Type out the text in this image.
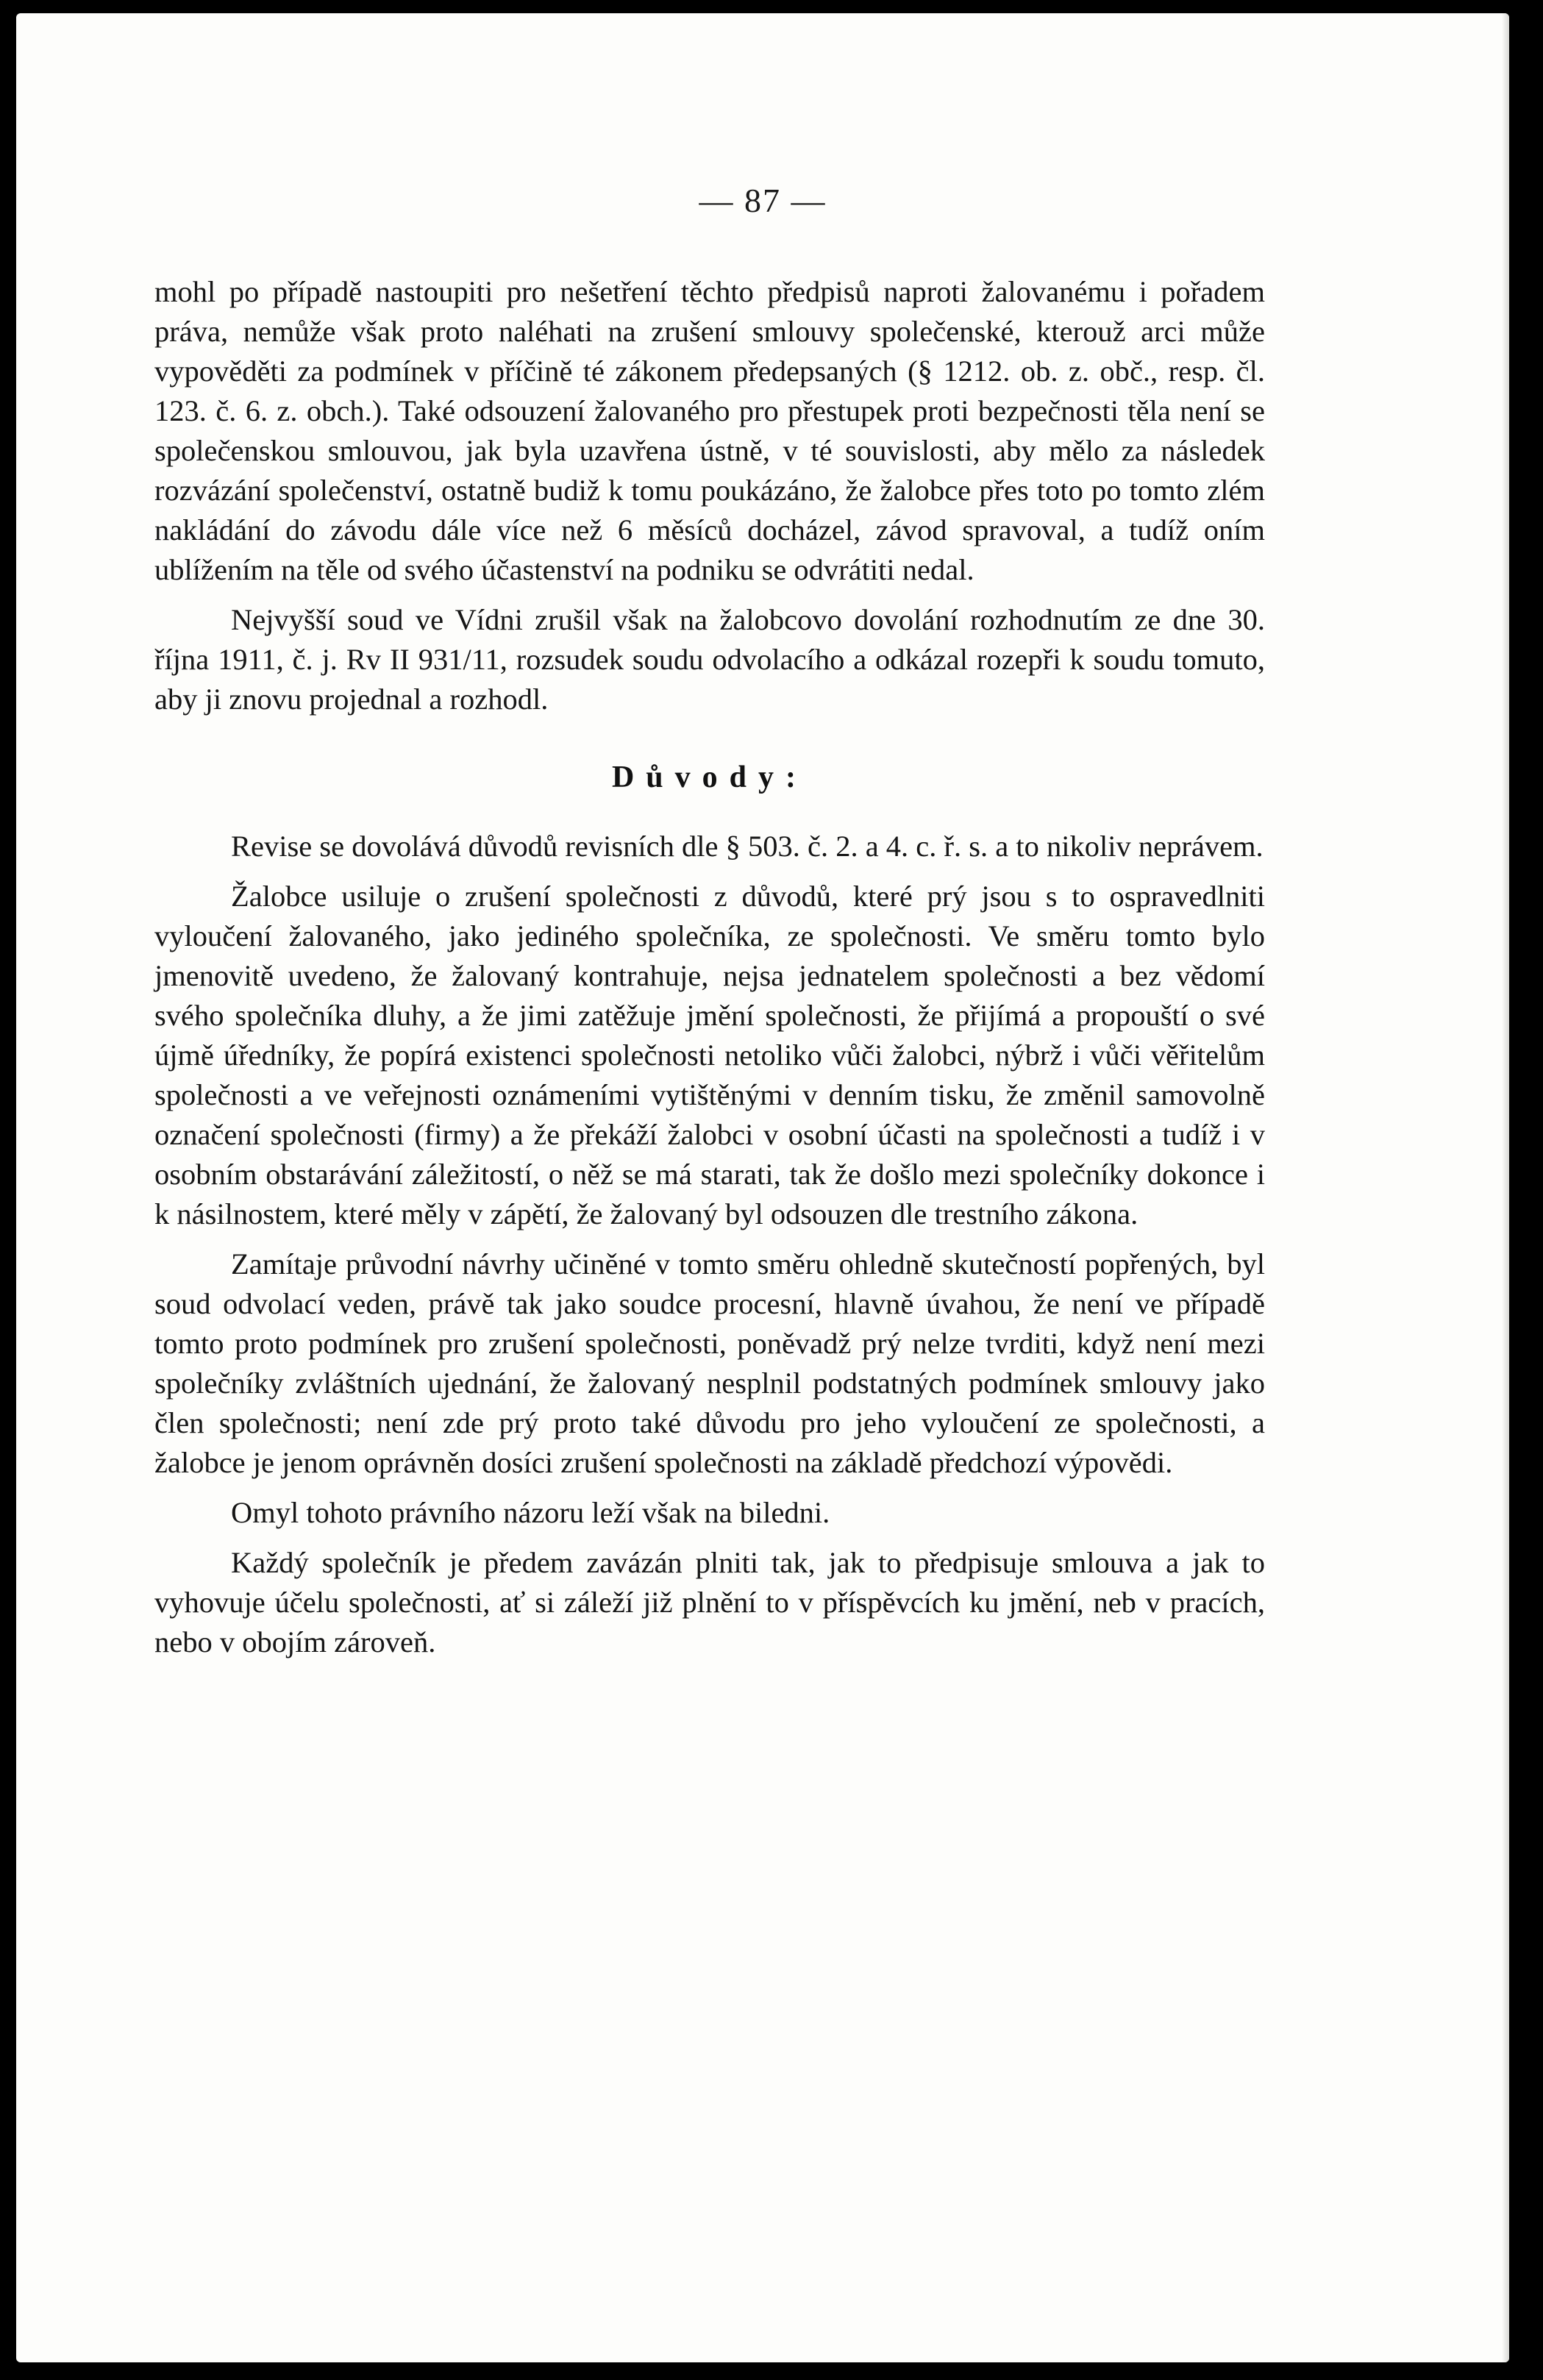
— 87 —

mohl po případě nastoupiti pro nešetření těchto předpisů naproti žalovanému i pořadem práva, nemůže však proto naléhati na zrušení smlouvy společenské, kterouž arci může vypověděti za podmínek v příčině té zákonem předepsaných (§ 1212. ob. z. obč., resp. čl. 123. č. 6. z. obch.). Také odsouzení žalovaného pro přestupek proti bezpečnosti těla není se společenskou smlouvou, jak byla uzavřena ústně, v té souvislosti, aby mělo za následek rozvázání společenství, ostatně budiž k tomu poukázáno, že žalobce přes toto po tomto zlém nakládání do závodu dále více než 6 měsíců docházel, závod spravoval, a tudíž oním ublížením na těle od svého účastenství na podniku se odvrátiti nedal.

Nejvyšší soud ve Vídni zrušil však na žalobcovo dovolání rozhodnutím ze dne 30. října 1911, č. j. Rv II 931/11, rozsudek soudu odvolacího a odkázal rozepři k soudu tomuto, aby ji znovu projednal a rozhodl.

Důvody:

Revise se dovolává důvodů revisních dle § 503. č. 2. a 4. c. ř. s. a to nikoliv neprávem.

Žalobce usiluje o zrušení společnosti z důvodů, které prý jsou s to ospravedlniti vyloučení žalovaného, jako jediného společníka, ze společnosti. Ve směru tomto bylo jmenovitě uvedeno, že žalovaný kontrahuje, nejsa jednatelem společnosti a bez vědomí svého společníka dluhy, a že jimi zatěžuje jmění společnosti, že přijímá a propouští o své újmě úředníky, že popírá existenci společnosti netoliko vůči žalobci, nýbrž i vůči věřitelům společnosti a ve veřejnosti oznámeními vytištěnými v denním tisku, že změnil samovolně označení společnosti (firmy) a že překáží žalobci v osobní účasti na společnosti a tudíž i v osobním obstarávání záležitostí, o něž se má starati, tak že došlo mezi společníky dokonce i k násilnostem, které měly v zápětí, že žalovaný byl odsouzen dle trestního zákona.

Zamítaje průvodní návrhy učiněné v tomto směru ohledně skutečností popřených, byl soud odvolací veden, právě tak jako soudce procesní, hlavně úvahou, že není ve případě tomto proto podmínek pro zrušení společnosti, poněvadž prý nelze tvrditi, když není mezi společníky zvláštních ujednání, že žalovaný nesplnil podstatných podmínek smlouvy jako člen společnosti; není zde prý proto také důvodu pro jeho vyloučení ze společnosti, a žalobce je jenom oprávněn dosíci zrušení společnosti na základě předchozí výpovědi.

Omyl tohoto právního názoru leží však na biledni.

Každý společník je předem zavázán plniti tak, jak to předpisuje smlouva a jak to vyhovuje účelu společnosti, ať si záleží již plnění to v příspěvcích ku jmění, neb v pracích, nebo v obojím zároveň.
